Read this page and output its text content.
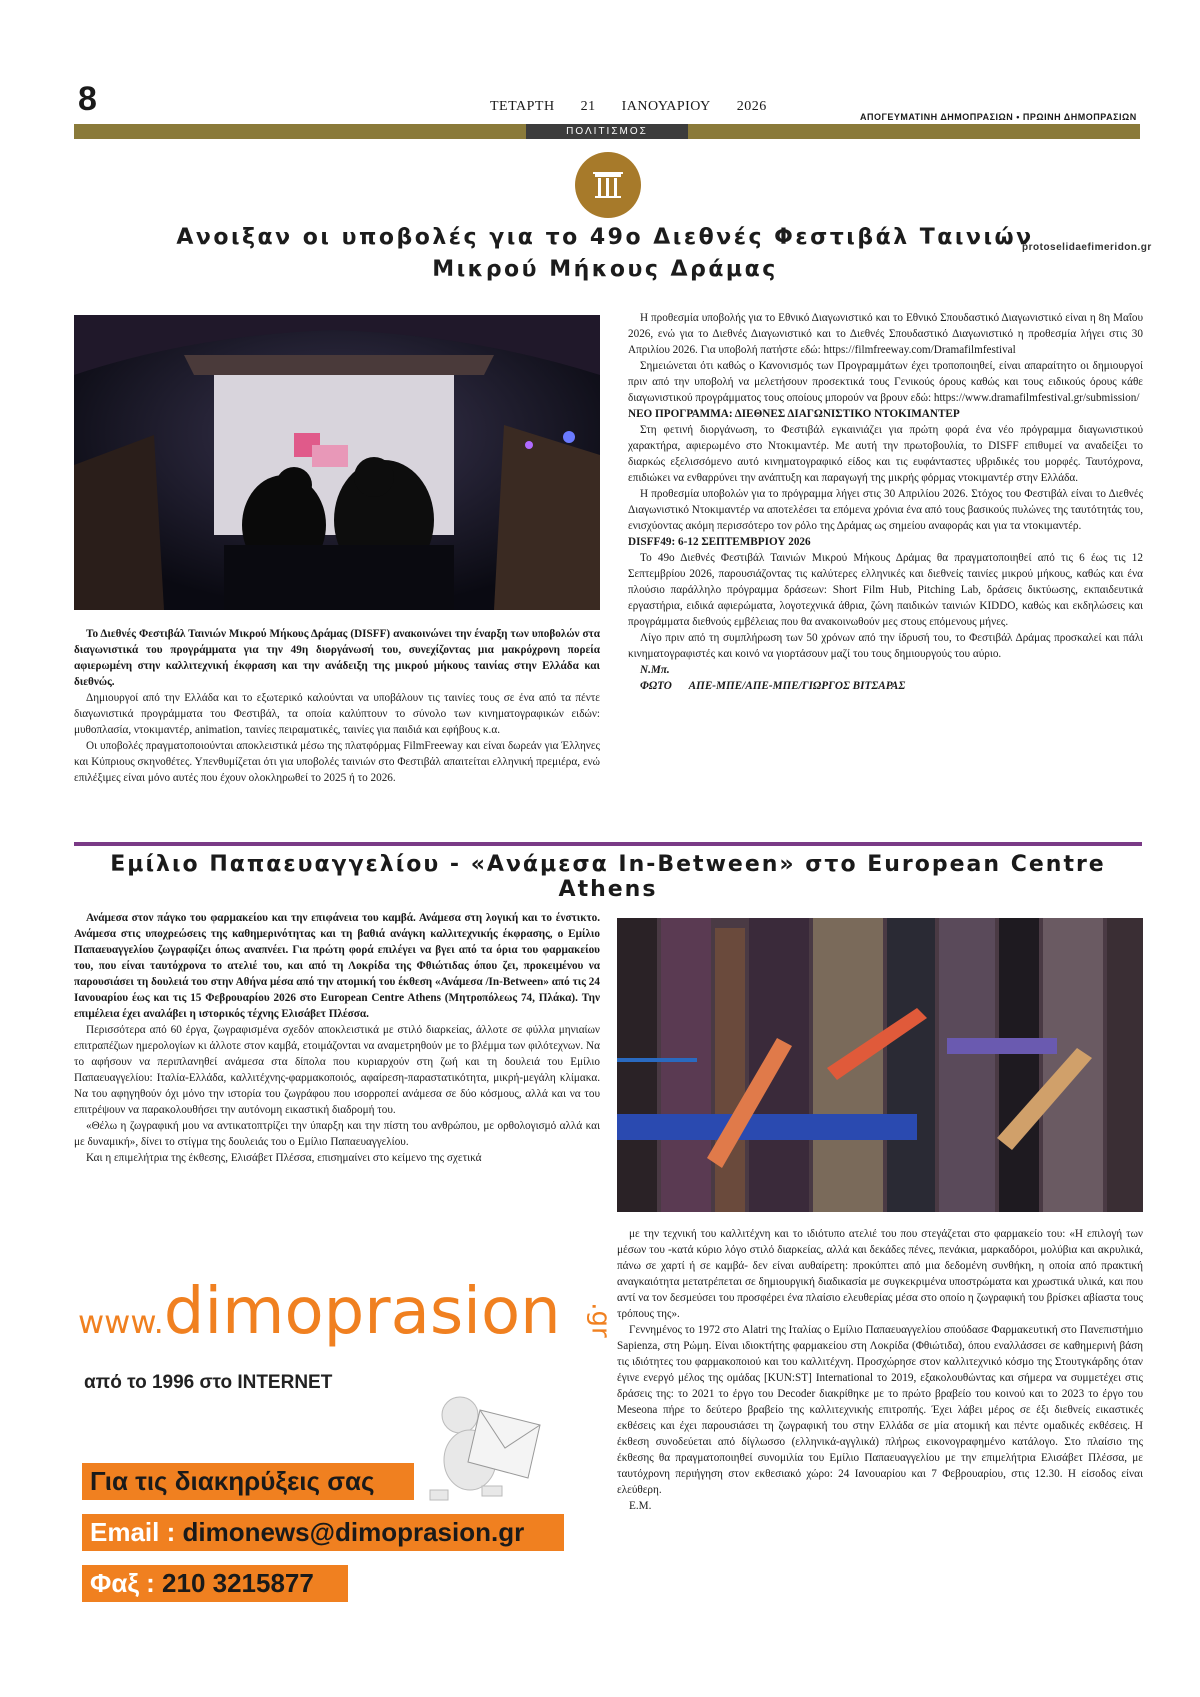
8	ΤΕΤΑΡΤΗ 21 ΙΑΝΟΥΑΡΙΟΥ 2026
ΑΠΟΓΕΥΜΑΤΙΝΗ ΔΗΜΟΠΡΑΣΙΩΝ • ΠΡΩΙΝΗ ΔΗΜΟΠΡΑΣΙΩΝ
ΠΟΛΙΤΙΣΜΟΣ
Ανοιξαν οι υποβολές για το 49ο Διεθνές Φεστιβάλ Ταινιών
Μικρού Μήκους Δράμας
protoselidaefimeridon.gr

Το Διεθνές Φεστιβάλ Ταινιών Μικρού Μήκους Δράμας (DISFF) ανακοινώνει την έναρξη των υποβολών στα διαγωνιστικά του προγράμματα για την 49η διοργάνωσή του, συνεχίζοντας μια μακρόχρονη πορεία αφιερωμένη στην καλλιτεχνική έκφραση και την ανάδειξη της μικρού μήκους ταινίας στην Ελλάδα και διεθνώς.

Δημιουργοί από την Ελλάδα και το εξωτερικό καλούνται να υποβάλουν τις ταινίες τους σε ένα από τα πέντε διαγωνιστικά προγράμματα του Φεστιβάλ, τα οποία καλύπτουν το σύνολο των κινηματογραφικών ειδών: μυθοπλασία, ντοκιμαντέρ, animation, ταινίες πειραματικές, ταινίες για παιδιά και εφήβους κ.α.

Οι υποβολές πραγματοποιούνται αποκλειστικά μέσω της πλατφόρμας FilmFreeway και είναι δωρεάν για Έλληνες και Κύπριους σκηνοθέτες. Υπενθυμίζεται ότι για υποβολές ταινιών στο Φεστιβάλ απαιτείται ελληνική πρεμιέρα, ενώ επιλέξιμες είναι μόνο αυτές που έχουν ολοκληρωθεί το 2025 ή το 2026.

Η προθεσμία υποβολής για το Εθνικό Διαγωνιστικό και το Εθνικό Σπουδαστικό Διαγωνιστικό είναι η 8η Μαΐου 2026, ενώ για το Διεθνές Διαγωνιστικό και το Διεθνές Σπουδαστικό Διαγωνιστικό η προθεσμία λήγει στις 30 Απριλίου 2026. Για υποβολή πατήστε εδώ: https://filmfreeway.com/Dramafilmfestival

Σημειώνεται ότι καθώς ο Κανονισμός των Προγραμμάτων έχει τροποποιηθεί, είναι απαραίτητο οι δημιουργοί πριν από την υποβολή να μελετήσουν προσεκτικά τους Γενικούς όρους καθώς και τους ειδικούς όρους κάθε διαγωνιστικού προγράμματος τους οποίους μπορούν να βρουν εδώ: https://www.dramafilmfestival.gr/submission/

ΝΕΟ ΠΡΟΓΡΑΜΜΑ: ΔΙΕΘΝΕΣ ΔΙΑΓΩΝΙΣΤΙΚΟ ΝΤΟΚΙΜΑΝΤΕΡ

Στη φετινή διοργάνωση, το Φεστιβάλ εγκαινιάζει για πρώτη φορά ένα νέο πρόγραμμα διαγωνιστικού χαρακτήρα, αφιερωμένο στο Ντοκιμαντέρ. Με αυτή την πρωτοβουλία, το DISFF επιθυμεί να αναδείξει το διαρκώς εξελισσόμενο αυτό κινηματογραφικό είδος και τις ευφάνταστες υβριδικές του μορφές. Ταυτόχρονα, επιδιώκει να ενθαρρύνει την ανάπτυξη και παραγωγή της μικρής φόρμας ντοκιμαντέρ στην Ελλάδα.

Η προθεσμία υποβολών για το πρόγραμμα λήγει στις 30 Απριλίου 2026. Στόχος του Φεστιβάλ είναι το Διεθνές Διαγωνιστικό Ντοκιμαντέρ να αποτελέσει τα επόμενα χρόνια ένα από τους βασικούς πυλώνες της ταυτότητάς του, ενισχύοντας ακόμη περισσότερο τον ρόλο της Δράμας ως σημείου αναφοράς και για τα ντοκιμαντέρ.

DISFF49: 6-12 ΣΕΠΤΕΜΒΡΙΟΥ 2026

Το 49ο Διεθνές Φεστιβάλ Ταινιών Μικρού Μήκους Δράμας θα πραγματοποιηθεί από τις 6 έως τις 12 Σεπτεμβρίου 2026, παρουσιάζοντας τις καλύτερες ελληνικές και διεθνείς ταινίες μικρού μήκους, καθώς και ένα πλούσιο παράλληλο πρόγραμμα δράσεων: Short Film Hub, Pitching Lab, δράσεις δικτύωσης, εκπαιδευτικά εργαστήρια, ειδικά αφιερώματα, λογοτεχνικά άθρια, ζώνη παιδικών ταινιών KIDDO, καθώς και εκδηλώσεις και προγράμματα διεθνούς εμβέλειας που θα ανακοινωθούν μες στους επόμενους μήνες.

Λίγο πριν από τη συμπλήρωση των 50 χρόνων από την ίδρυσή του, το Φεστιβάλ Δράμας προσκαλεί και πάλι κινηματογραφιστές και κοινό να γιορτάσουν μαζί του τους δημιουργούς του αύριο.

Ν.Μπ.

ΦΩΤΟ ΑΠΕ-ΜΠΕ/ΑΠΕ-ΜΠΕ/ΓΙΩΡΓΟΣ ΒΙΤΣΑΡΑΣ

Εμίλιο Παπαευαγγελίου - «Ανάμεσα In-Between» στο European Centre Athens

Ανάμεσα στον πάγκο του φαρμακείου και την επιφάνεια του καμβά. Ανάμεσα στη λογική και το ένστικτο. Ανάμεσα στις υποχρεώσεις της καθημερινότητας και τη βαθιά ανάγκη καλλιτεχνικής έκφρασης, ο Εμίλιο Παπαευαγγελίου ζωγραφίζει όπως αναπνέει. Για πρώτη φορά επιλέγει να βγει από τα όρια του φαρμακείου του, που είναι ταυτόχρονα το ατελιέ του, και από τη Λοκρίδα της Φθιώτιδας όπου ζει, προκειμένου να παρουσιάσει τη δουλειά του στην Αθήνα μέσα από την ατομική του έκθεση «Ανάμεσα /In-Between» από τις 24 Ιανουαρίου έως και τις 15 Φεβρουαρίου 2026 στο European Centre Athens (Μητροπόλεως 74, Πλάκα). Την επιμέλεια έχει αναλάβει η ιστορικός τέχνης Ελισάβετ Πλέσσα.

Περισσότερα από 60 έργα, ζωγραφισμένα σχεδόν αποκλειστικά με στιλό διαρκείας, άλλοτε σε φύλλα μηνιαίων επιτραπέζιων ημερολογίων κι άλλοτε στον καμβά, ετοιμάζονται να αναμετρηθούν με το βλέμμα των φιλότεχνων. Να το αφήσουν να περιπλανηθεί ανάμεσα στα δίπολα που κυριαρχούν στη ζωή και τη δουλειά του Εμίλιο Παπαευαγγελίου: Ιταλία-Ελλάδα, καλλιτέχνης-φαρμακοποιός, αφαίρεση-παραστατικότητα, μικρή-μεγάλη κλίμακα. Να του αφηγηθούν όχι μόνο την ιστορία του ζωγράφου που ισορροπεί ανάμεσα σε δύο κόσμους, αλλά και να του επιτρέψουν να παρακολουθήσει την αυτόνομη εικαστική διαδρομή του.

«Θέλω η ζωγραφική μου να αντικατοπτρίζει την ύπαρξη και την πίστη του ανθρώπου, με ορθολογισμό αλλά και με δυναμική», δίνει το στίγμα της δουλειάς του ο Εμίλιο Παπαευαγγελίου.

Και η επιμελήτρια της έκθεσης, Ελισάβετ Πλέσσα, επισημαίνει στο κείμενο της σχετικά

με την τεχνική του καλλιτέχνη και το ιδιότυπο ατελιέ του που στεγάζεται στο φαρμακείο του: «Η επιλογή των μέσων του -κατά κύριο λόγο στιλό διαρκείας, αλλά και δεκάδες πένες, πενάκια, μαρκαδόροι, μολύβια και ακρυλικά, πάνω σε χαρτί ή σε καμβά- δεν είναι αυθαίρετη: προκύπτει από μια δεδομένη συνθήκη, η οποία από πρακτική αναγκαιότητα μετατρέπεται σε δημιουργική διαδικασία με συγκεκριμένα υποστρώματα και χρωστικά υλικά, και που αντί να τον δεσμεύσει του προσφέρει ένα πλαίσιο ελευθερίας μέσα στο οποίο η ζωγραφική του βρίσκει αβίαστα τους τρόπους της».

Γεννημένος το 1972 στο Alatri της Ιταλίας ο Εμίλιο Παπαευαγγελίου σπούδασε Φαρμακευτική στο Πανεπιστήμιο Sapienza, στη Ρώμη. Είναι ιδιοκτήτης φαρμακείου στη Λοκρίδα (Φθιώτιδα), όπου εναλλάσσει σε καθημερινή βάση τις ιδιότητες του φαρμακοποιού και του καλλιτέχνη. Προσχώρησε στον καλλιτεχνικό κόσμο της Στουτγκάρδης όταν έγινε ενεργό μέλος της ομάδας [KUN:ST] International το 2019, εξακολουθώντας και σήμερα να συμμετέχει στις δράσεις της: το 2021 το έργο του Decoder διακρίθηκε με το πρώτο βραβείο του κοινού και το 2023 το έργο του Meseona πήρε το δεύτερο βραβείο της καλλιτεχνικής επιτροπής. Έχει λάβει μέρος σε έξι διεθνείς εικαστικές εκθέσεις και έχει παρουσιάσει τη ζωγραφική του στην Ελλάδα σε μία ατομική και πέντε ομαδικές εκθέσεις. Η έκθεση συνοδεύεται από δίγλωσσο (ελληνικά-αγγλικά) πλήρως εικονογραφημένο κατάλογο. Στο πλαίσιο της έκθεσης θα πραγματοποιηθεί συνομιλία του Εμίλιο Παπαευαγγελίου με την επιμελήτρια Ελισάβετ Πλέσσα, με ταυτόχρονη περιήγηση στον εκθεσιακό χώρο: 24 Ιανουαρίου και 7 Φεβρουαρίου, στις 12.30. Η είσοδος είναι ελεύθερη.

Ε.Μ.

www.dimoprasion .gr
από το 1996 στο INTERNET
Για τις διακηρύξεις σας
Email : dimonews@dimoprasion.gr
Φαξ : 210 3215877
